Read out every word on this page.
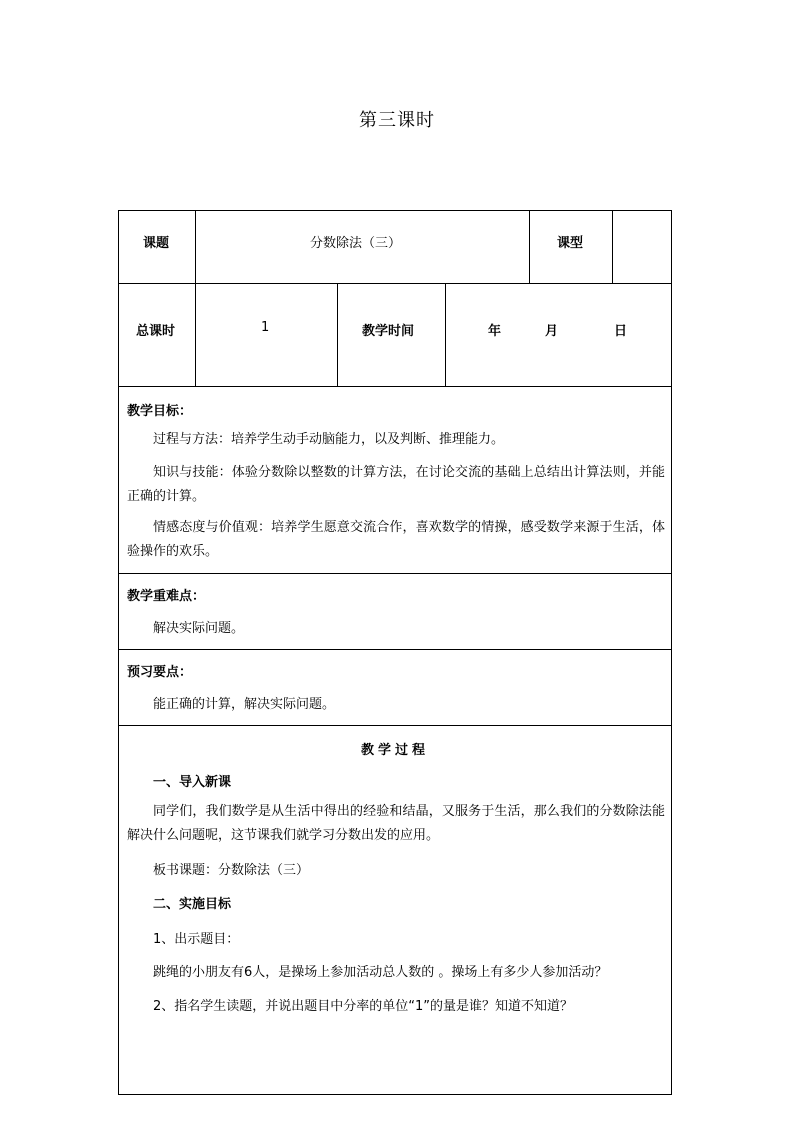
第三课时
课题	分数除法（三）	课型
总课时	1	教学时间	年	月	日
教学目标：
过程与方法：培养学生动手动脑能力，以及判断、推理能力。
知识与技能：体验分数除以整数的计算方法，在讨论交流的基础上总结出计算法则，并能正确的计算。
情感态度与价值观：培养学生愿意交流合作，喜欢数学的情操，感受数学来源于生活，体验操作的欢乐。
教学重难点：
解决实际问题。
预习要点：
能正确的计算，解决实际问题。
教学过程
一、导入新课
同学们，我们数学是从生活中得出的经验和结晶，又服务于生活，那么我们的分数除法能解决什么问题呢，这节课我们就学习分数出发的应用。
板书课题：分数除法（三）
二、实施目标
1、出示题目：
跳绳的小朋友有6人，是操场上参加活动总人数的 。操场上有多少人参加活动？
2、指名学生读题，并说出题目中分率的单位“1”的量是谁？知道不知道？
